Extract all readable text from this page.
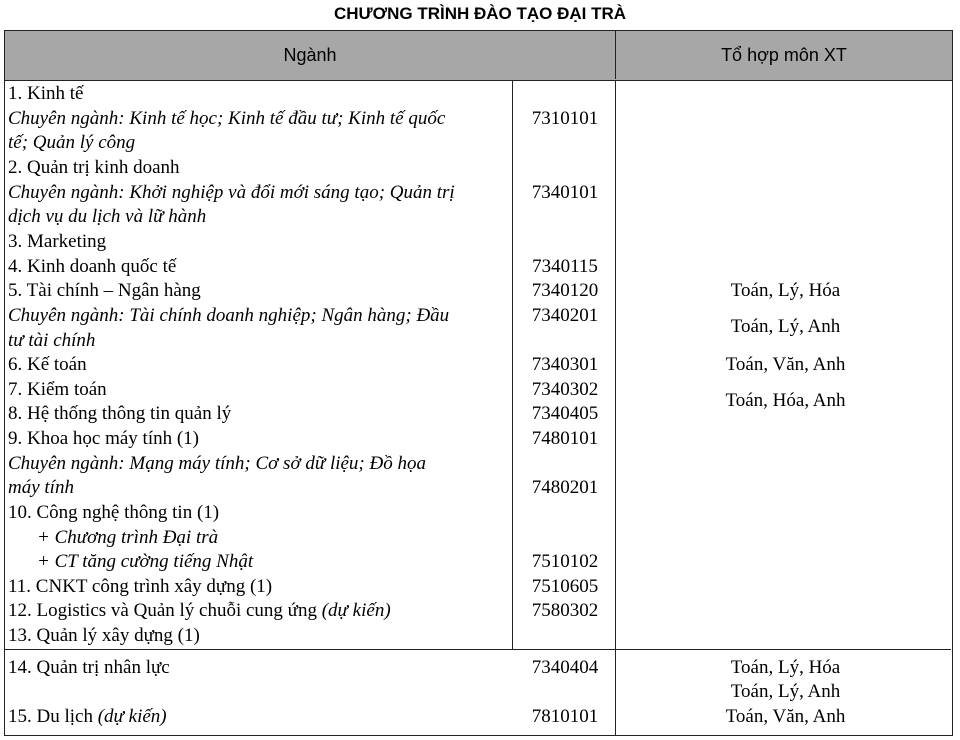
CHƯƠNG TRÌNH ĐÀO TẠO ĐẠI TRÀ
Ngành	Tổ hợp môn XT
1. Kinh tế
Chuyên ngành: Kinh tế học; Kinh tế đầu tư; Kinh tế quốc
tế; Quản lý công
2. Quản trị kinh doanh
Chuyên ngành: Khởi nghiệp và đổi mới sáng tạo; Quản trị
dịch vụ du lịch và lữ hành
3. Marketing
4. Kinh doanh quốc tế
5. Tài chính – Ngân hàng
Chuyên ngành: Tài chính doanh nghiệp; Ngân hàng; Đầu
tư tài chính
6. Kế toán
7. Kiểm toán
8. Hệ thống thông tin quản lý
9. Khoa học máy tính (1)
Chuyên ngành: Mạng máy tính; Cơ sở dữ liệu; Đồ họa
máy tính
10. Công nghệ thông tin (1)
+ Chương trình Đại trà
+ CT tăng cường tiếng Nhật
11. CNKT công trình xây dựng (1)
12. Logistics và Quản lý chuỗi cung ứng (dự kiến)
13. Quản lý xây dựng (1)
14. Quản trị nhân lực
15. Du lịch (dự kiến)
7310101
7340101
7340115
7340120
7340201
7340301
7340302
7340405
7480101
7480201
7510102
7510605
7580302
7340404
7810101
Toán, Lý, Hóa
Toán, Lý, Anh
Toán, Văn, Anh
Toán, Hóa, Anh
Toán, Lý, Hóa
Toán, Lý, Anh
Toán, Văn, Anh
